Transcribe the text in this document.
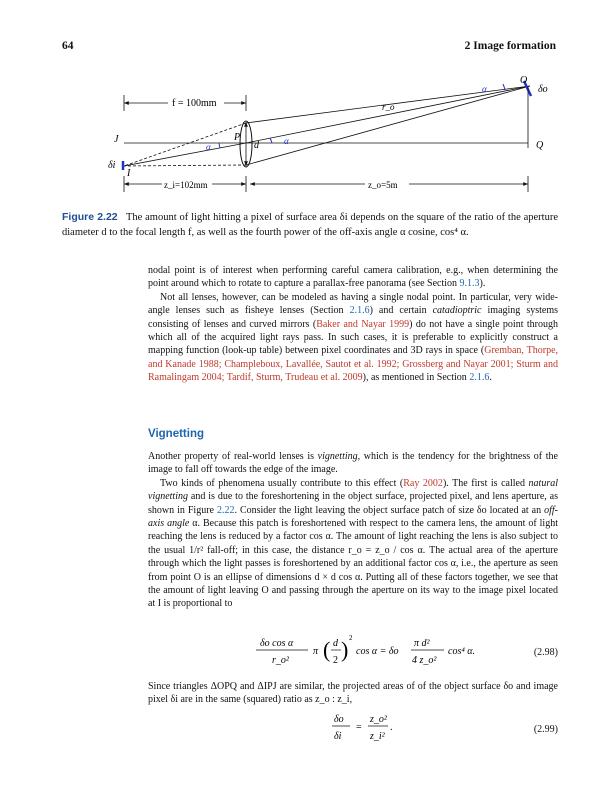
64	2 Image formation
f = 100mm	r_o
α
O
δo
J
α
P
d	α	Q
δi
I
z_i=102mm	z_o=5m
Figure 2.22 The amount of light hitting a pixel of surface area δi depends on the square of the ratio of the aperture diameter d to the focal length f, as well as the fourth power of the off-axis angle α cosine, cos⁴ α.

nodal point is of interest when performing careful camera calibration, e.g., when determining the point around which to rotate to capture a parallax-free panorama (see Section 9.1.3).

Not all lenses, however, can be modeled as having a single nodal point. In particular, very wide-angle lenses such as fisheye lenses (Section 2.1.6) and certain catadioptric imaging systems consisting of lenses and curved mirrors (Baker and Nayar 1999) do not have a single point through which all of the acquired light rays pass. In such cases, it is preferable to explicitly construct a mapping function (look-up table) between pixel coordinates and 3D rays in space (Gremban, Thorpe, and Kanade 1988; Champleboux, Lavallée, Sautot et al. 1992; Grossberg and Nayar 2001; Sturm and Ramalingam 2004; Tardif, Sturm, Trudeau et al. 2009), as mentioned in Section 2.1.6.

Vignetting

Another property of real-world lenses is vignetting, which is the tendency for the brightness of the image to fall off towards the edge of the image.

Two kinds of phenomena usually contribute to this effect (Ray 2002). The first is called natural vignetting and is due to the foreshortening in the object surface, projected pixel, and lens aperture, as shown in Figure 2.22. Consider the light leaving the object surface patch of size δo located at an off-axis angle α. Because this patch is foreshortened with respect to the camera lens, the amount of light reaching the lens is reduced by a factor cos α. The amount of light reaching the lens is also subject to the usual 1/r² fall-off; in this case, the distance r_o = z_o / cos α. The actual area of the aperture through which the light passes is foreshortened by an additional factor cos α, i.e., the aperture as seen from point O is an ellipse of dimensions d × d cos α. Putting all of these factors together, we see that the amount of light leaving O and passing through the aperture on its way to the image pixel located at I is proportional to

δo cos α
r_o²
π ( d
2 ) 2
cos α = δo
π d²
4 z_o²
cos⁴ α.	(2.98)

Since triangles ΔOPQ and ΔIPJ are similar, the projected areas of of the object surface δo and image pixel δi are in the same (squared) ratio as z_o : z_i,

δo
δi
=
z_o²
z_i²
.	(2.99)
